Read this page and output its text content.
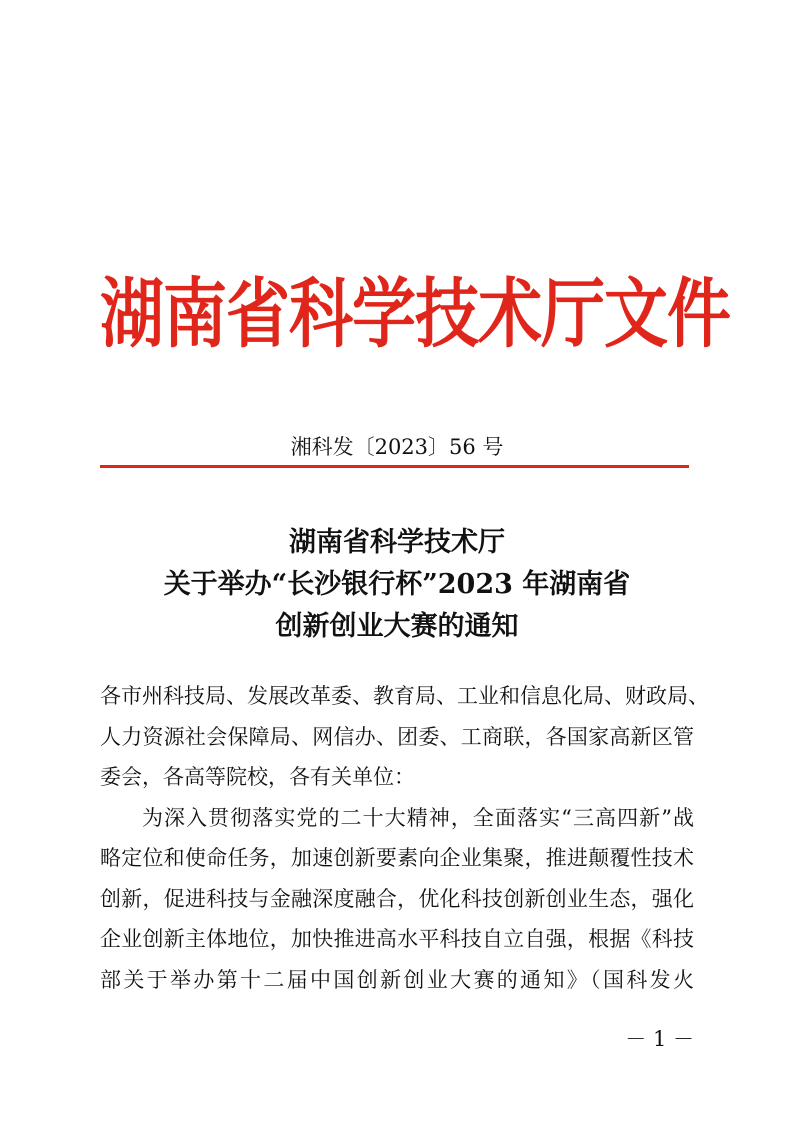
湖南省科学技术厅文件
湘科发〔2023〕56 号
湖南省科学技术厅
关于举办“长沙银行杯”2023 年湖南省
创新创业大赛的通知
各市州科技局、发展改革委、教育局、工业和信息化局、财政局、
人力资源社会保障局、网信办、团委、工商联，各国家高新区管
委会，各高等院校，各有关单位：
为深入贯彻落实党的二十大精神，全面落实“三高四新”战
略定位和使命任务，加速创新要素向企业集聚，推进颠覆性技术
创新，促进科技与金融深度融合，优化科技创新创业生态，强化
企业创新主体地位，加快推进高水平科技自立自强，根据《科技
部关于举办第十二届中国创新创业大赛的通知》（国科发火
－ 1 －
